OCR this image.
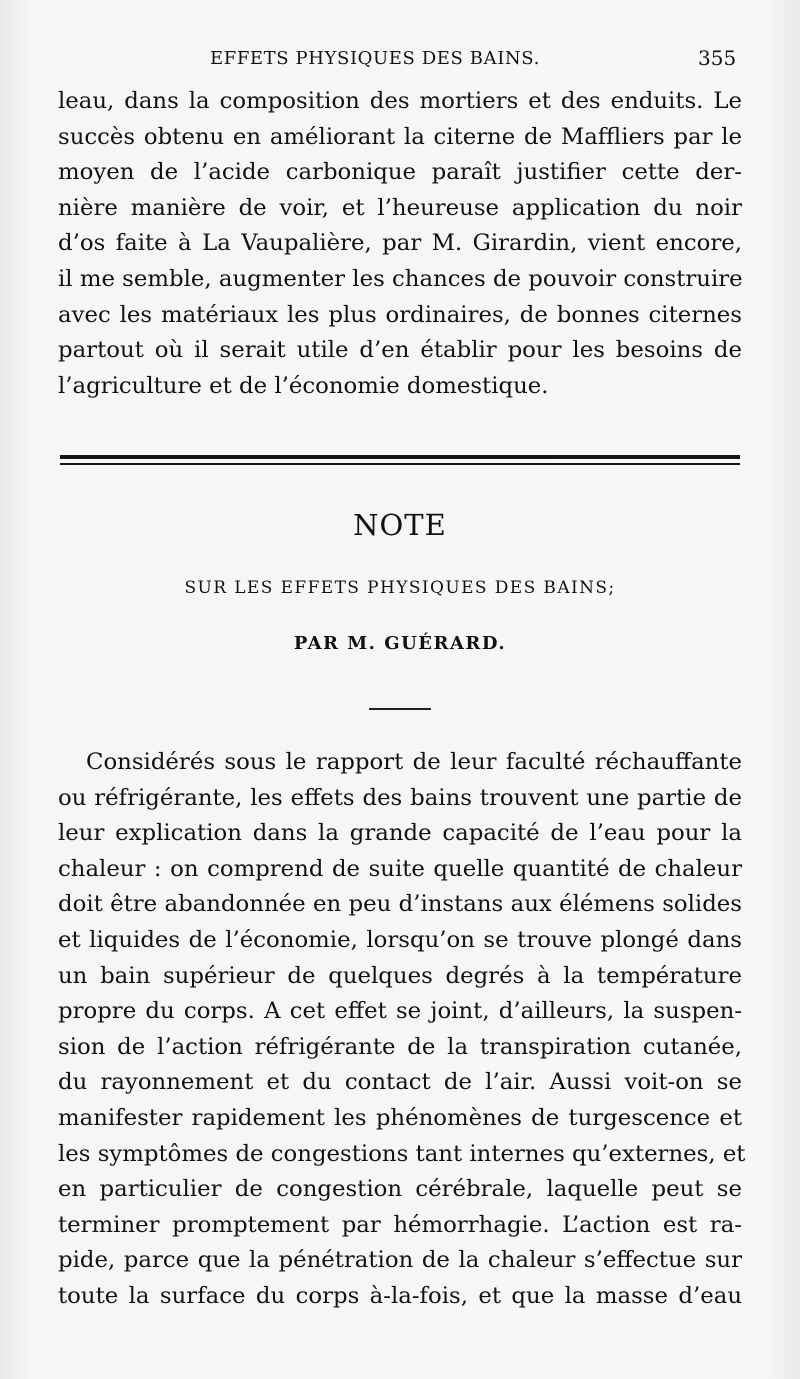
EFFETS PHYSIQUES DES BAINS.	355
leau, dans la composition des mortiers et des enduits. Le
succès obtenu en améliorant la citerne de Maffliers par le
moyen de l’acide carbonique paraît justifier cette der-
nière manière de voir, et l’heureuse application du noir
d’os faite à La Vaupalière, par M. Girardin, vient encore,
il me semble, augmenter les chances de pouvoir construire
avec les matériaux les plus ordinaires, de bonnes citernes
partout où il serait utile d’en établir pour les besoins de
l’agriculture et de l’économie domestique.
NOTE
SUR LES EFFETS PHYSIQUES DES BAINS;
PAR M. GUÉRARD.
Considérés sous le rapport de leur faculté réchauffante
ou réfrigérante, les effets des bains trouvent une partie de
leur explication dans la grande capacité de l’eau pour la
chaleur : on comprend de suite quelle quantité de chaleur
doit être abandonnée en peu d’instans aux élémens solides
et liquides de l’économie, lorsqu’on se trouve plongé dans
un bain supérieur de quelques degrés à la température
propre du corps. A cet effet se joint, d’ailleurs, la suspen-
sion de l’action réfrigérante de la transpiration cutanée,
du rayonnement et du contact de l’air. Aussi voit-on se
manifester rapidement les phénomènes de turgescence et
les symptômes de congestions tant internes qu’externes, et
en particulier de congestion cérébrale, laquelle peut se
terminer promptement par hémorrhagie. L’action est ra-
pide, parce que la pénétration de la chaleur s’effectue sur
toute la surface du corps à-la-fois, et que la masse d’eau
